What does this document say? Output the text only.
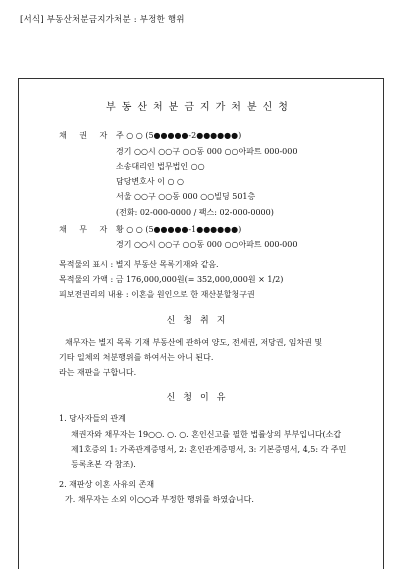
[서식] 부동산처분금지가처분 : 부정한 행위
부동산처분금지가처분신청
채 권 자 주 ○ ○ (5●●●●●-2●●●●●●)
경기 ○○시 ○○구 ○○동 000 ○○아파트 000-000
소송대리인 법무법인 ○○
담당변호사 이 ○ ○
서울 ○○구 ○○동 000 ○○빌딩 501층
(전화: 02-000-0000 / 팩스: 02-000-0000)
채 무 자 황 ○ ○ (5●●●●●-1●●●●●●)
경기 ○○시 ○○구 ○○동 000 ○○아파트 000-000
목적물의 표시 : 별지 부동산 목록기재와 같음.
목적물의 가액 : 금 176,000,000원(= 352,000,000원 × 1/2)
피보전권리의 내용 : 이혼을 원인으로 한 재산분할청구권
신청취지
채무자는 별지 목록 기재 부동산에 관하여 양도, 전세권, 저당권, 임차권 및
기타 일체의 처분행위를 하여서는 아니 된다.
라는 재판을 구합니다.
신청이유
1. 당사자들의 관계
채권자와 채무자는 19○○. ○. ○. 혼인신고를 필한 법률상의 부부입니다(소갑
제1호증의 1: 가족관계증명서, 2: 혼인관계증명서, 3: 기본증명서, 4,5: 각 주민
등록초본 각 참조).
2. 재판상 이혼 사유의 존재
가. 채무자는 소외 이○○과 부정한 행위를 하였습니다.
